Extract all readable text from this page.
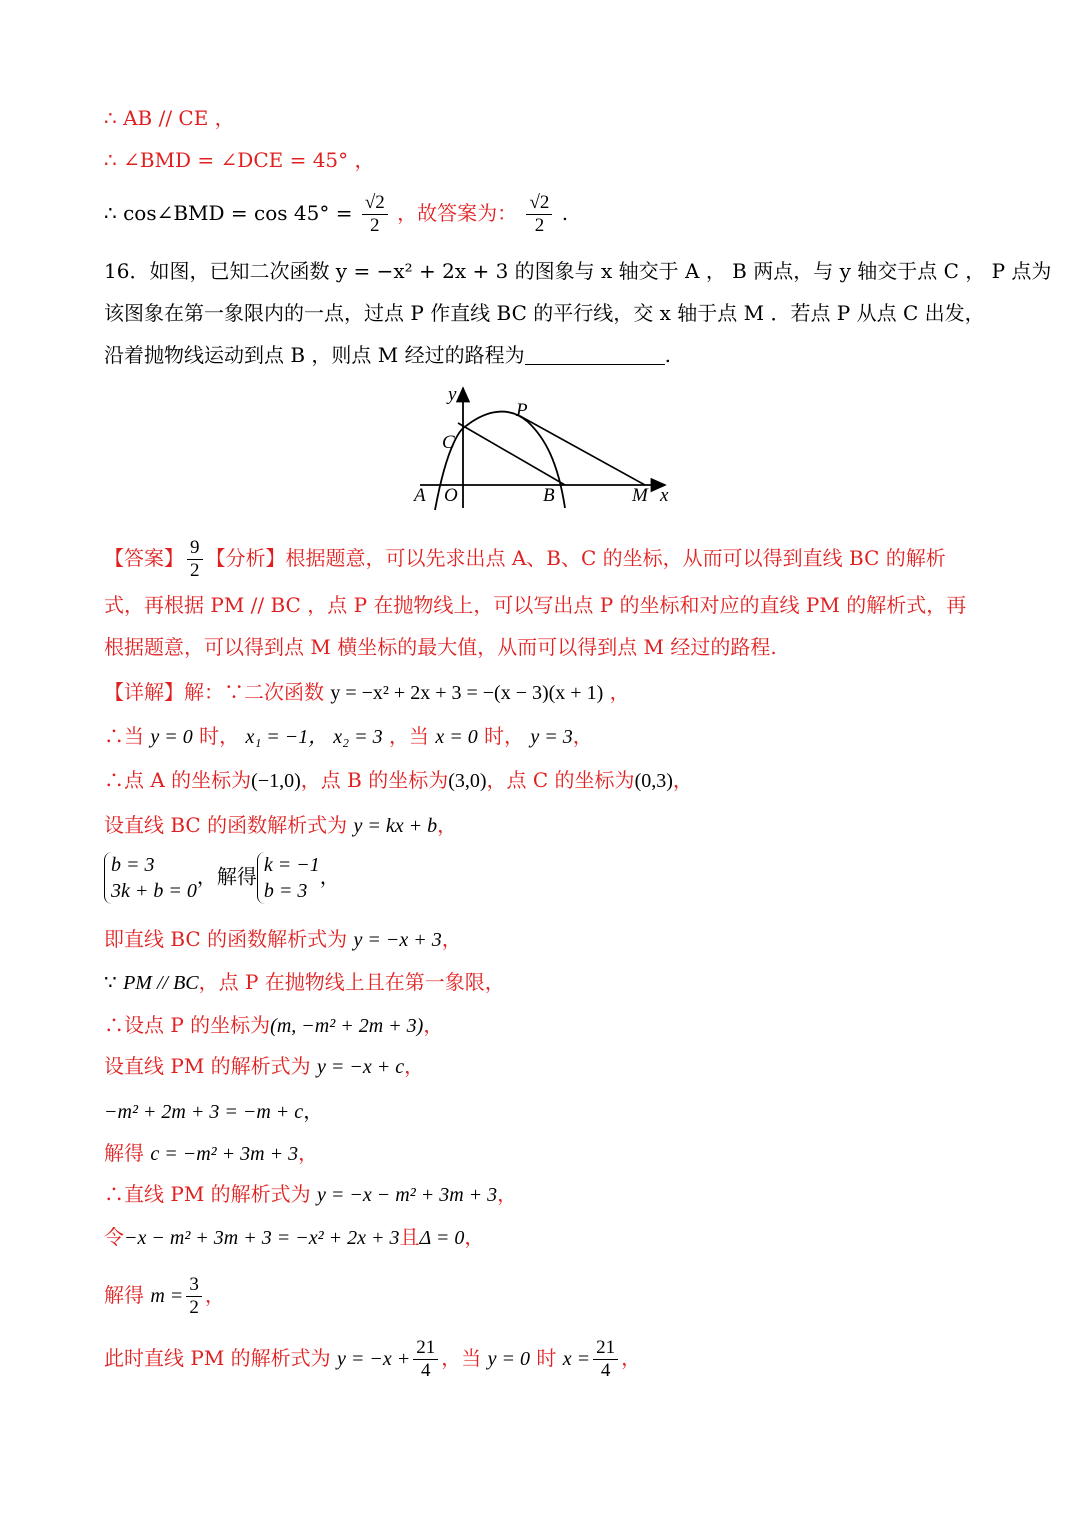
∴ AB // CE ，
∴ ∠BMD = ∠DCE = 45° ，
∴ cos∠BMD = $\cos 45^\circ = \frac{√2}{2}$ ，故答案为： $\frac{√2}{2}$ .
16．如图，已知二次函数 y = −x² + 2x + 3 的图象与 x 轴交于 A ， B 两点，与 y 轴交于点 C ， P 点为
该图象在第一象限内的一点，过点 P 作直线 BC 的平行线，交 x 轴于点 M ．若点 P 从点 C 出发，
沿着抛物线运动到点 B ，则点 M 经过的路程为	.
y
x
A O	B
C
M
P
【答案】 $\frac{9}{2}$ 【分析】根据题意，可以先求出点 A、B、C 的坐标，从而可以得到直线 BC 的解析
式，再根据 PM // BC ，点 P 在抛物线上，可以写出点 P 的坐标和对应的直线 PM 的解析式，再
根据题意，可以得到点 M 横坐标的最大值，从而可以得到点 M 经过的路程.
【详解】解：∵二次函数 y = −x² + 2x + 3 = −(x − 3)(x + 1) ，
∴当 y = 0 时， x₁ = −1， x₂ = 3 ，当 x = 0 时， y = 3，
∴点 A 的坐标为(−1,0)，点 B 的坐标为(3,0)，点 C 的坐标为(0,3)，
设直线 BC 的函数解析式为 y = kx + b，
b = 3
3k + b = 0
，解得 k = −1
b = 3
，
即直线 BC 的函数解析式为 y = −x + 3，
∵ PM // BC，点 P 在抛物线上且在第一象限，
∴设点 P 的坐标为(m, −m² + 2m + 3)，
设直线 PM 的解析式为 y = −x + c，
−m² + 2m + 3 = −m + c，
解得 c = −m² + 3m + 3，
∴直线 PM 的解析式为 y = −x − m² + 3m + 3，
令−x − m² + 3m + 3 = −x² + 2x + 3且Δ = 0，
解得 $m = \frac{3}{2}$ ，
此时直线 PM 的解析式为 $y = -x + \frac{21}{4}$ ，当 y = 0 时 $x = \frac{21}{4}$ ，
